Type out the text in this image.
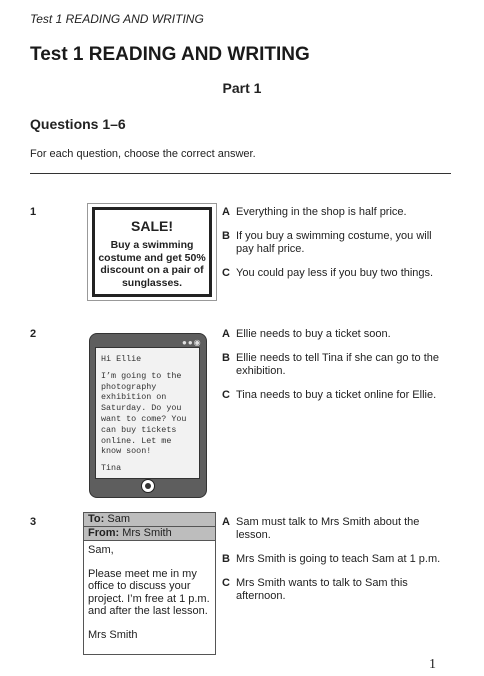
Test 1 READING AND WRITING
Test 1 READING AND WRITING
Part 1
Questions 1–6
For each question, choose the correct answer.
1
SALE!
Buy a swimming costume and get 50% discount on a pair of sunglasses.
A Everything in the shop is half price.
B If you buy a swimming costume, you will pay half price.
C You could pay less if you buy two things.
2
●●◉

Hi Ellie

I’m going to the photography exhibition on Saturday. Do you want to come? You can buy tickets online. Let me know soon!

Tina

A Ellie needs to buy a ticket soon.
B Ellie needs to tell Tina if she can go to the exhibition.
C Tina needs to buy a ticket online for Ellie.
3	To: Sam
From: Mrs Smith

Sam,

Please meet me in my office to discuss your project. I’m free at 1 p.m. and after the last lesson.

Mrs Smith

A Sam must talk to Mrs Smith about the lesson.
B Mrs Smith is going to teach Sam at 1 p.m.
C Mrs Smith wants to talk to Sam this afternoon.
1
